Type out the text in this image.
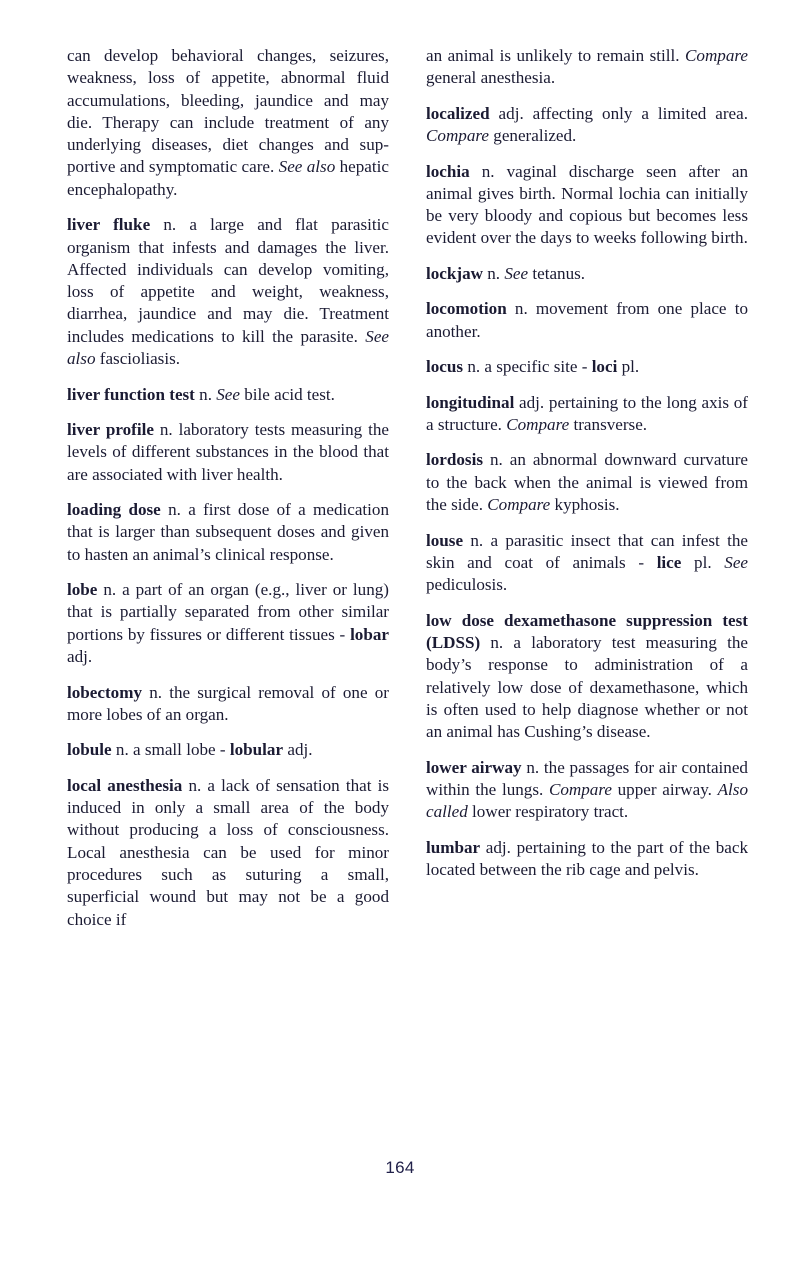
can develop behavioral changes, seizures, weakness, loss of appetite, abnormal fluid accumulations, bleeding, jaundice and may die. Therapy can include treatment of any underlying diseases, diet changes and supportive and symptomatic care. See also hepatic encephalopathy.

liver fluke n. a large and flat parasitic organism that infests and damages the liver. Affected individuals can develop vomiting, loss of appetite and weight, weakness, diarrhea, jaundice and may die. Treatment includes medications to kill the parasite. See also fascioliasis.

liver function test n. See bile acid test.

liver profile n. laboratory tests measuring the levels of different substances in the blood that are associated with liver health.

loading dose n. a first dose of a medication that is larger than subsequent doses and given to hasten an animal’s clinical response.

lobe n. a part of an organ (e.g., liver or lung) that is partially separated from other similar portions by fissures or different tissues - lobar adj.

lobectomy n. the surgical removal of one or more lobes of an organ.

lobule n. a small lobe - lobular adj.

local anesthesia n. a lack of sensation that is induced in only a small area of the body without producing a loss of consciousness. Local anesthesia can be used for minor procedures such as suturing a small, superficial wound but may not be a good choice if

an animal is unlikely to remain still. Compare general anesthesia.

localized adj. affecting only a limited area. Compare generalized.

lochia n. vaginal discharge seen after an animal gives birth. Normal lochia can initially be very bloody and copious but becomes less evident over the days to weeks following birth.

lockjaw n. See tetanus.

locomotion n. movement from one place to another.

locus n. a specific site - loci pl.

longitudinal adj. pertaining to the long axis of a structure. Compare transverse.

lordosis n. an abnormal downward curvature to the back when the animal is viewed from the side. Compare kyphosis.

louse n. a parasitic insect that can infest the skin and coat of animals - lice pl. See pediculosis.

low dose dexamethasone suppression test (LDSS) n. a laboratory test measuring the body’s response to administration of a relatively low dose of dexamethasone, which is often used to help diagnose whether or not an animal has Cushing’s disease.

lower airway n. the passages for air contained within the lungs. Compare upper airway. Also called lower respiratory tract.

lumbar adj. pertaining to the part of the back located between the rib cage and pelvis.

164
